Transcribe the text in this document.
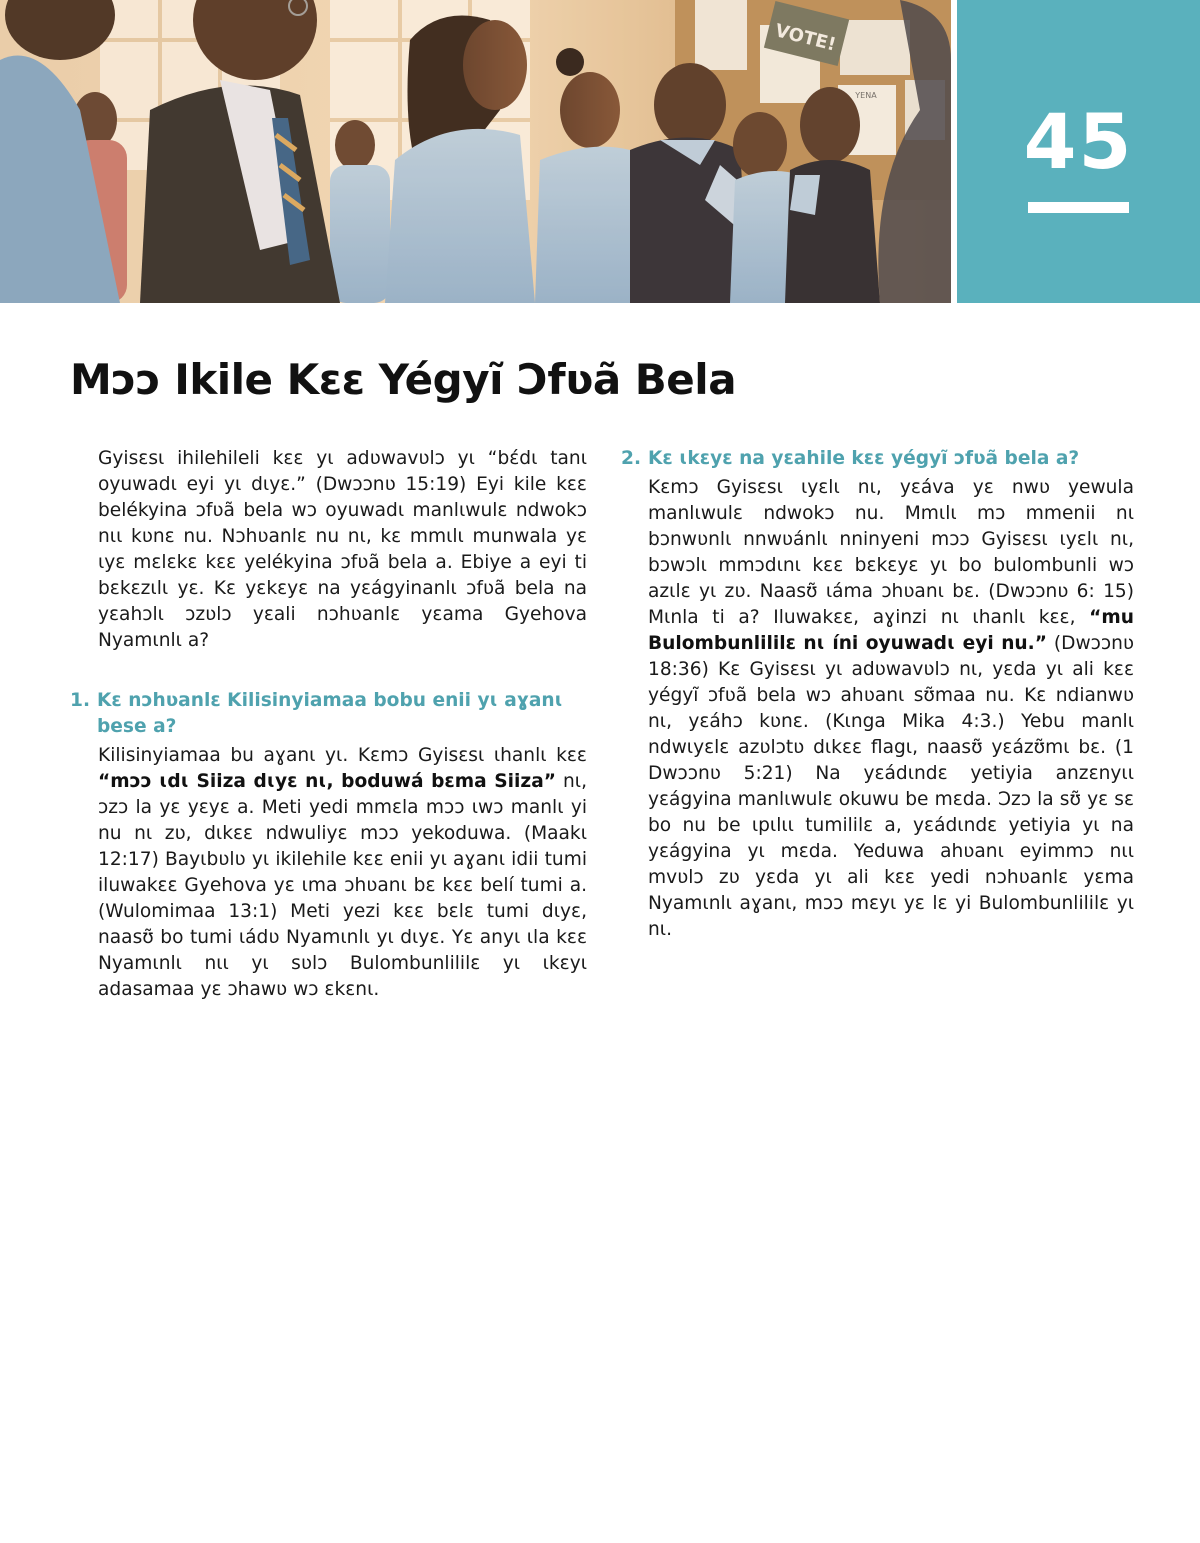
VOTE!
YENA
45
Mɔɔ Ikile Kɛɛ Yégyĩ Ɔfʋã Bela

Gyisɛsɩ ihilehileli kɛɛ yɩ adʋwavʋlɔ yɩ “bɛ́dɩ tanɩ oyuwadɩ eyi yɩ dɩyɛ.” (Dwɔɔnʋ 15:19) Eyi kile kɛɛ belékyina ɔfʋã bela wɔ oyuwadɩ manlɩwulɛ ndwokɔ nɩɩ kʋnɛ nu. Nɔhʋanlɛ nu nɩ, kɛ mmɩlɩ munwala yɛ ɩyɛ mɛlɛkɛ kɛɛ yelékyina ɔfʋã bela a. Ebiye a eyi ti bɛkɛzɩlɩ yɛ. Kɛ yɛkɛyɛ na yɛágyinanlɩ ɔfʋã bela na yɛahɔlɩ ɔzʋlɔ yɛali nɔhʋanlɛ yɛama Gyehova Nyamɩnlɩ a?

1. Kɛ nɔhʋanlɛ Kilisinyiamaa bobu enii yɩ aɣanɩ bese a?

Kilisinyiamaa bu aɣanɩ yɩ. Kɛmɔ Gyisɛsɩ ɩhanlɩ kɛɛ “mɔɔ ɩdɩ Siiza dɩyɛ nɩ, boduwá bɛma Siiza” nɩ, ɔzɔ la yɛ yɛyɛ a. Meti yedi mmɛla mɔɔ ɩwɔ manlɩ yi nu nɩ zʋ, dɩkɛɛ ndwuliyɛ mɔɔ yekoduwa. (Maakɩ 12:17) Bayɩbʋlʋ yɩ ikilehile kɛɛ enii yɩ aɣanɩ idii tumi iluwakɛɛ Gyehova yɛ ɩma ɔhʋanɩ bɛ kɛɛ belí tumi a. (Wulomimaa 13:1) Meti yezi kɛɛ bɛlɛ tumi dɩyɛ, naasʊ̃ bo tumi ɩádʋ Nyamɩnlɩ yɩ dɩyɛ. Yɛ anyɩ ɩla kɛɛ Nyamɩnlɩ nɩɩ yɩ sʋlɔ Bulombunlililɛ yɩ ɩkɛyɩ adasamaa yɛ ɔhawʋ wɔ ɛkɛnɩ.

2. Kɛ ɩkɛyɛ na yɛahile kɛɛ yégyĩ ɔfʋã bela a?

Kɛmɔ Gyisɛsɩ ɩyɛlɩ nɩ, yɛáva yɛ nwʋ yewula manlɩwulɛ ndwokɔ nu. Mmɩlɩ mɔ mmenii nɩ bɔnwʋnlɩ nnwʋánlɩ nninyeni mɔɔ Gyisɛsɩ ɩyɛlɩ nɩ, bɔwɔlɩ mmɔdɩnɩ kɛɛ bɛkɛyɛ yɩ bo bulombunli wɔ azɩlɛ yɩ zʋ. Naasʊ̃ ɩáma ɔhʋanɩ bɛ. (Dwɔɔnʋ 6: 15) Mɩnla ti a? Iluwakɛɛ, aɣinzi nɩ ɩhanlɩ kɛɛ, “mu Bulombunlililɛ nɩ íni oyuwadɩ eyi nu.” (Dwɔɔnʋ 18:36) Kɛ Gyisɛsɩ yɩ adʋwavʋlɔ nɩ, yɛda yɩ ali kɛɛ yégyĩ ɔfʋã bela wɔ ahʋanɩ sʊ̃maa nu. Kɛ ndianwʋ nɩ, yɛáhɔ kʋnɛ. (Kɩnga Mika 4:3.) Yebu manlɩ ndwɩyɛlɛ azʋlɔtʋ dɩkɛɛ flagɩ, naasʊ̃ yɛázʊ̃mɩ bɛ. (1 Dwɔɔnʋ 5:21) Na yɛádɩndɛ yetiyia anzɛnyɩɩ yɛágyina manlɩwulɛ okuwu be mɛda. Ɔzɔ la sʊ̃ yɛ sɛ bo nu be ɩpɩlɩɩ tumililɛ a, yɛádɩndɛ yetiyia yɩ na yɛágyina yɩ mɛda. Yeduwa ahʋanɩ eyimmɔ nɩɩ mvʋlɔ zʋ yɛda yɩ ali kɛɛ yedi nɔhʋanlɛ yɛma Nyamɩnlɩ aɣanɩ, mɔɔ mɛyɩ yɛ lɛ yi Bulombunlililɛ yɩ nɩ.
